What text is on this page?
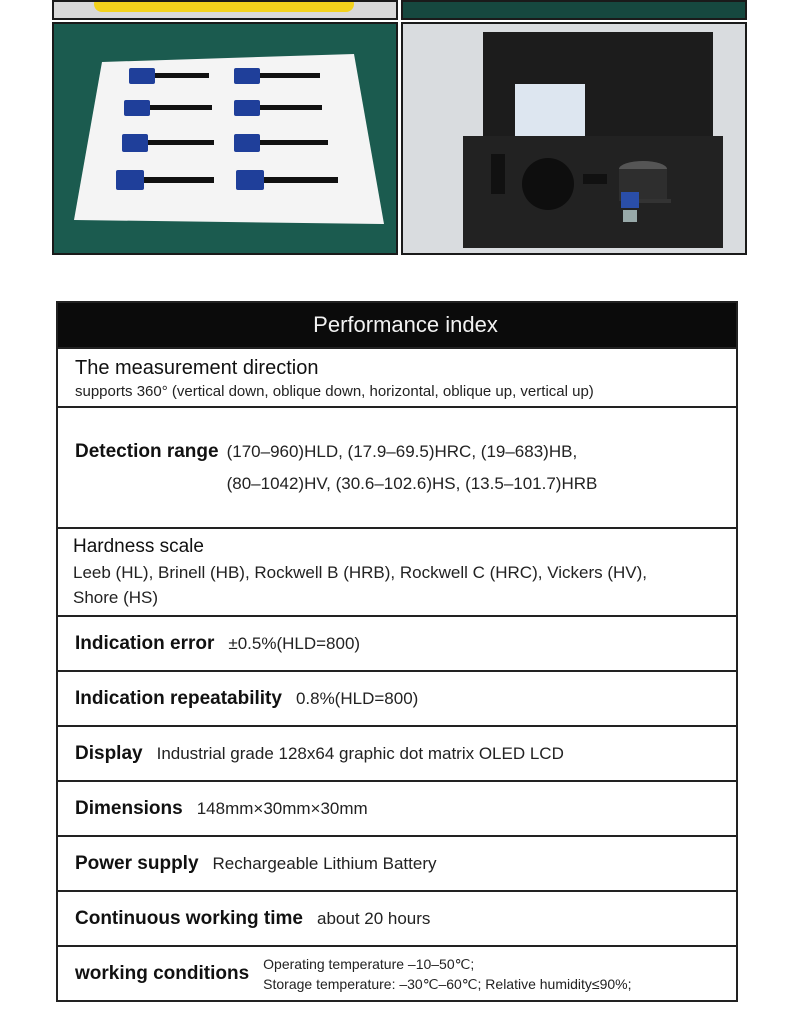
Performance index

The measurement direction
supports 360° (vertical down, oblique down, horizontal, oblique up, vertical up)

Detection range (170–960)HLD, (17.9–69.5)HRC, (19–683)HB,
(80–1042)HV, (30.6–102.6)HS, (13.5–101.7)HRB

Hardness scale
Leeb (HL), Brinell (HB), Rockwell B (HRB), Rockwell C (HRC), Vickers (HV),
Shore (HS)

Indication error ±0.5%(HLD=800)

Indication repeatability 0.8%(HLD=800)

Display Industrial grade 128x64 graphic dot matrix OLED LCD

Dimensions 148mm×30mm×30mm

Power supply Rechargeable Lithium Battery

Continuous working time about 20 hours

working conditions Operating temperature –10–50℃;
Storage temperature: –30℃–60℃; Relative humidity≤90%;
